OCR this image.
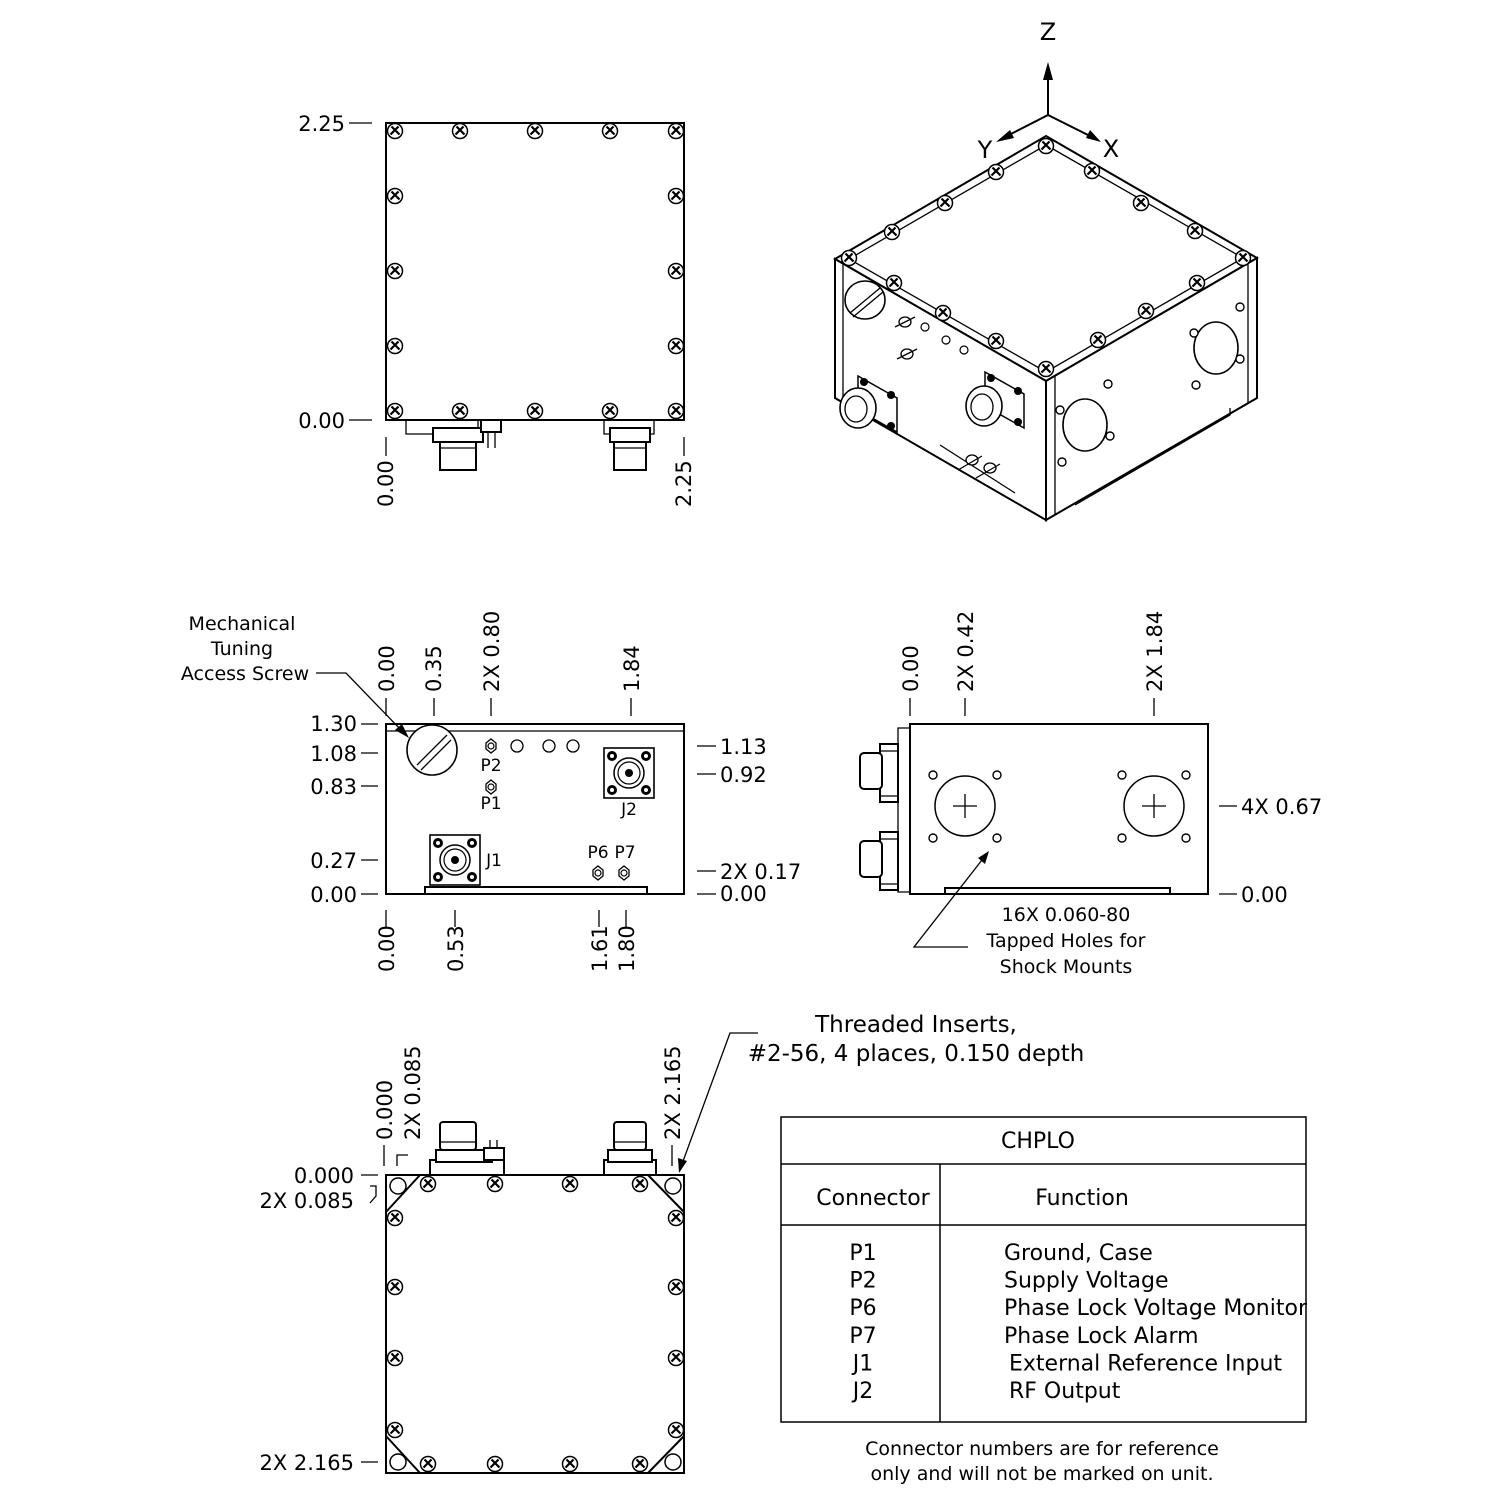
2.25
0.00
0.00	2.25
Z
Y	X
P2
P1	J2
J1	P6 P7
Mechanical
Tuning
Access Screw	0.00 0.35 2X 0.80	1.84
1.30
1.08
0.83
0.27
0.00
1.13
0.92
2X 0.17
0.00
0.00 0.53	1.61 1.80
16X 0.060-80
Tapped Holes for
Shock Mounts
0.00 2X 0.42	2X 1.84
4X 0.67
0.00
Threaded Inserts,
#2-56, 4 places, 0.150 depth
0.000 2X 0.085	2X 2.165
0.000
2X 0.085
2X 2.165
CHPLO
Connector	Function
P1	Ground, Case
P2	Supply Voltage
P6	Phase Lock Voltage Monitor
P7	Phase Lock Alarm
J1	External Reference Input
J2	RF Output
Connector numbers are for reference
only and will not be marked on unit.
